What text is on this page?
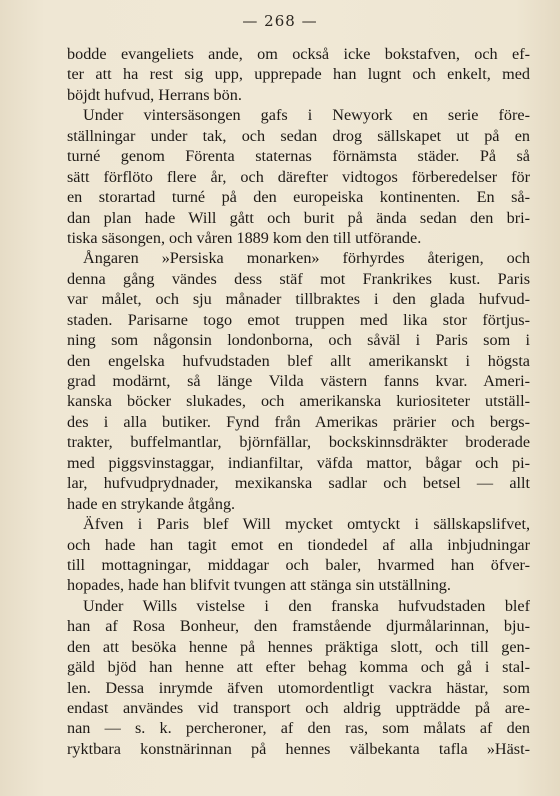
— 268 —
bodde evangeliets ande, om också icke bokstafven, och ef-
ter att ha rest sig upp, upprepade han lugnt och enkelt, med
böjdt hufvud, Herrans bön.
Under vintersäsongen gafs i Newyork en serie före-
ställningar under tak, och sedan drog sällskapet ut på en
turné genom Förenta staternas förnämsta städer. På så
sätt förflöto flere år, och därefter vidtogos förberedelser för
en storartad turné på den europeiska kontinenten. En så-
dan plan hade Will gått och burit på ända sedan den bri-
tiska säsongen, och våren 1889 kom den till utförande.
Ångaren »Persiska monarken» förhyrdes återigen, och
denna gång vändes dess stäf mot Frankrikes kust. Paris
var målet, och sju månader tillbraktes i den glada hufvud-
staden. Parisarne togo emot truppen med lika stor förtjus-
ning som någonsin londonborna, och såväl i Paris som i
den engelska hufvudstaden blef allt amerikanskt i högsta
grad modärnt, så länge Vilda västern fanns kvar. Ameri-
kanska böcker slukades, och amerikanska kuriositeter utställ-
des i alla butiker. Fynd från Amerikas prärier och bergs-
trakter, buffelmantlar, björnfällar, bockskinnsdräkter broderade
med piggsvinstaggar, indianfiltar, väfda mattor, bågar och pi-
lar, hufvudprydnader, mexikanska sadlar och betsel — allt
hade en strykande åtgång.
Äfven i Paris blef Will mycket omtyckt i sällskapslifvet,
och hade han tagit emot en tiondedel af alla inbjudningar
till mottagningar, middagar och baler, hvarmed han öfver-
hopades, hade han blifvit tvungen att stänga sin utställning.
Under Wills vistelse i den franska hufvudstaden blef
han af Rosa Bonheur, den framstående djurmålarinnan, bju-
den att besöka henne på hennes präktiga slott, och till gen-
gäld bjöd han henne att efter behag komma och gå i stal-
len. Dessa inrymde äfven utomordentligt vackra hästar, som
endast användes vid transport och aldrig uppträdde på are-
nan — s. k. percheroner, af den ras, som målats af den
ryktbara konstnärinnan på hennes välbekanta tafla »Häst-
